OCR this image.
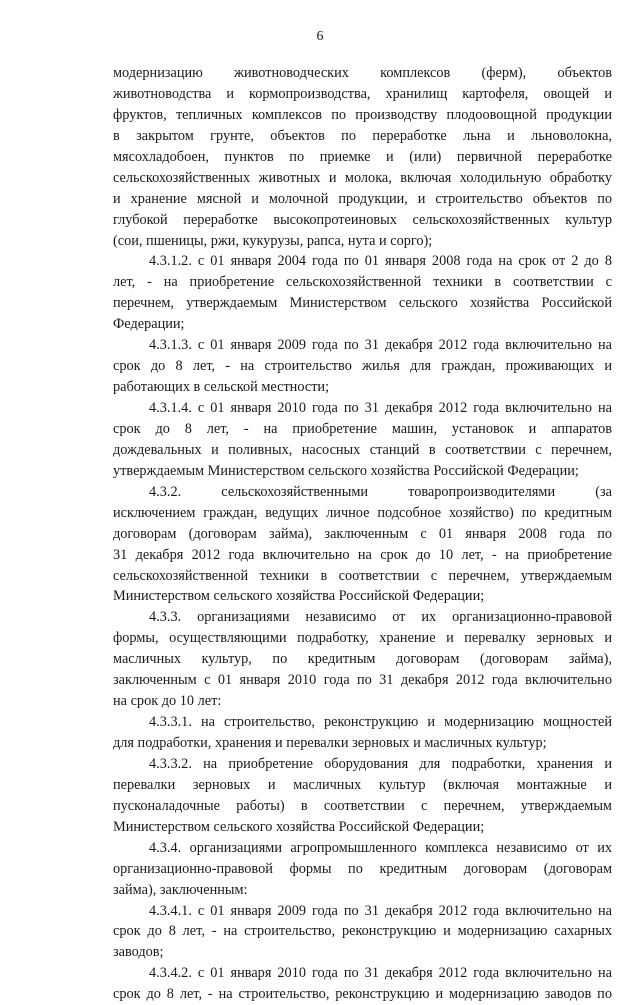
6
модернизацию животноводческих комплексов (ферм), объектов
животноводства и кормопроизводства, хранилищ картофеля, овощей и
фруктов, тепличных комплексов по производству плодоовощной продукции
в закрытом грунте, объектов по переработке льна и льноволокна,
мясохладобоен, пунктов по приемке и (или) первичной переработке
сельскохозяйственных животных и молока, включая холодильную обработку
и хранение мясной и молочной продукции, и строительство объектов по
глубокой переработке высокопротеиновых сельскохозяйственных культур
(сои, пшеницы, ржи, кукурузы, рапса, нута и сорго);
4.3.1.2. с 01 января 2004 года по 01 января 2008 года на срок от 2 до 8
лет, - на приобретение сельскохозяйственной техники в соответствии с
перечнем, утверждаемым Министерством сельского хозяйства Российской
Федерации;
4.3.1.3. с 01 января 2009 года по 31 декабря 2012 года включительно на
срок до 8 лет, - на строительство жилья для граждан, проживающих и
работающих в сельской местности;
4.3.1.4. с 01 января 2010 года по 31 декабря 2012 года включительно на
срок до 8 лет, - на приобретение машин, установок и аппаратов
дождевальных и поливных, насосных станций в соответствии с перечнем,
утверждаемым Министерством сельского хозяйства Российской Федерации;
4.3.2. сельскохозяйственными товаропроизводителями (за
исключением граждан, ведущих личное подсобное хозяйство) по кредитным
договорам (договорам займа), заключенным с 01 января 2008 года по
31 декабря 2012 года включительно на срок до 10 лет, - на приобретение
сельскохозяйственной техники в соответствии с перечнем, утверждаемым
Министерством сельского хозяйства Российской Федерации;
4.3.3. организациями независимо от их организационно-правовой
формы, осуществляющими подработку, хранение и перевалку зерновых и
масличных культур, по кредитным договорам (договорам займа),
заключенным с 01 января 2010 года по 31 декабря 2012 года включительно
на срок до 10 лет:
4.3.3.1. на строительство, реконструкцию и модернизацию мощностей
для подработки, хранения и перевалки зерновых и масличных культур;
4.3.3.2. на приобретение оборудования для подработки, хранения и
перевалки зерновых и масличных культур (включая монтажные и
пусконаладочные работы) в соответствии с перечнем, утверждаемым
Министерством сельского хозяйства Российской Федерации;
4.3.4. организациями агропромышленного комплекса независимо от их
организационно-правовой формы по кредитным договорам (договорам
займа), заключенным:
4.3.4.1. с 01 января 2009 года по 31 декабря 2012 года включительно на
срок до 8 лет, - на строительство, реконструкцию и модернизацию сахарных
заводов;
4.3.4.2. с 01 января 2010 года по 31 декабря 2012 года включительно на
срок до 8 лет, - на строительство, реконструкцию и модернизацию заводов по
